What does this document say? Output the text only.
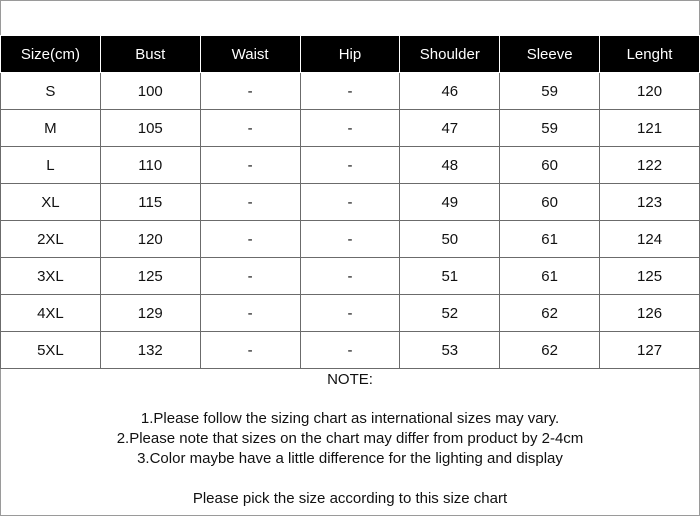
Size(cm)	Bust	Waist	Hip	Shoulder	Sleeve	Lenght
S	100	-	-	46	59	120
M	105	-	-	47	59	121
L	110	-	-	48	60	122
XL	115	-	-	49	60	123
2XL	120	-	-	50	61	124
3XL	125	-	-	51	61	125
4XL	129	-	-	52	62	126
5XL	132	-	-	53	62	127
NOTE:
1.Please follow the sizing chart as international sizes may vary.
2.Please note that sizes on the chart may differ from product by 2-4cm
3.Color maybe have a little difference for the lighting and display
Please pick the size according to this size chart
